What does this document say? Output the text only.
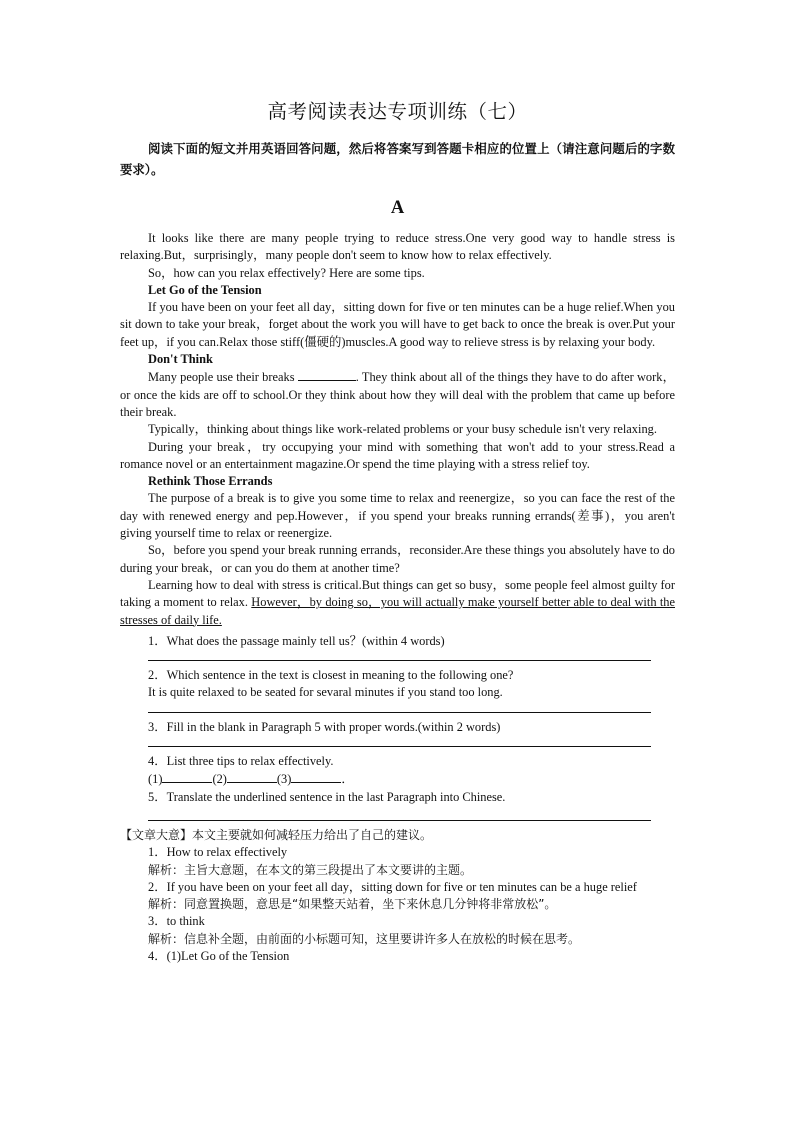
高考阅读表达专项训练（七）

阅读下面的短文并用英语回答问题，然后将答案写到答题卡相应的位置上（请注意问题后的字数要求）。

A

It looks like there are many people trying to reduce stress.One very good way to handle stress is relaxing.But，surprisingly，many people don't seem to know how to relax effectively.

So，how can you relax effectively? Here are some tips.

Let Go of the Tension

If you have been on your feet all day，sitting down for five or ten minutes can be a huge relief.When you sit down to take your break，forget about the work you will have to get back to once the break is over.Put your feet up，if you can.Relax those stiff(僵硬的)muscles.A good way to relieve stress is by relaxing your body.

Don't Think

Many people use their breaks	. They think about all of the things they have to do after work，or once the kids are off to school.Or they think about how they will deal with the problem that came up before their break.

Typically，thinking about things like work-related problems or your busy schedule isn't very relaxing.

During your break，try occupying your mind with something that won't add to your stress.Read a romance novel or an entertainment magazine.Or spend the time playing with a stress relief toy.

Rethink Those Errands

The purpose of a break is to give you some time to relax and reenergize，so you can face the rest of the day with renewed energy and pep.However，if you spend your breaks running errands(差事)，you aren't giving yourself time to relax or reenergize.

So，before you spend your break running errands，reconsider.Are these things you absolutely have to do during your break，or can you do them at another time?

Learning how to deal with stress is critical.But things can get so busy，some people feel almost guilty for taking a moment to relax. However，by doing so，you will actually make yourself better able to deal with the stresses of daily life.

1．What does the passage mainly tell us？(within 4 words)
2．Which sentence in the text is closest in meaning to the following one?
It is quite relaxed to be seated for sevaral minutes if you stand too long.
3．Fill in the blank in Paragraph 5 with proper words.(within 2 words)
4．List three tips to relax effectively.
(1)	(2)	(3)	．
5．Translate the underlined sentence in the last Paragraph into Chinese.
【文章大意】本文主要就如何减轻压力给出了自己的建议。
1．How to relax effectively
解析：主旨大意题，在本文的第三段提出了本文要讲的主题。

2．If you have been on your feet all day，sitting down for five or ten minutes can be a huge relief

解析：同意置换题，意思是“如果整天站着，坐下来休息几分钟将非常放松”。
3．to think
解析：信息补全题，由前面的小标题可知，这里要讲许多人在放松的时候在思考。
4．(1)Let Go of the Tension
